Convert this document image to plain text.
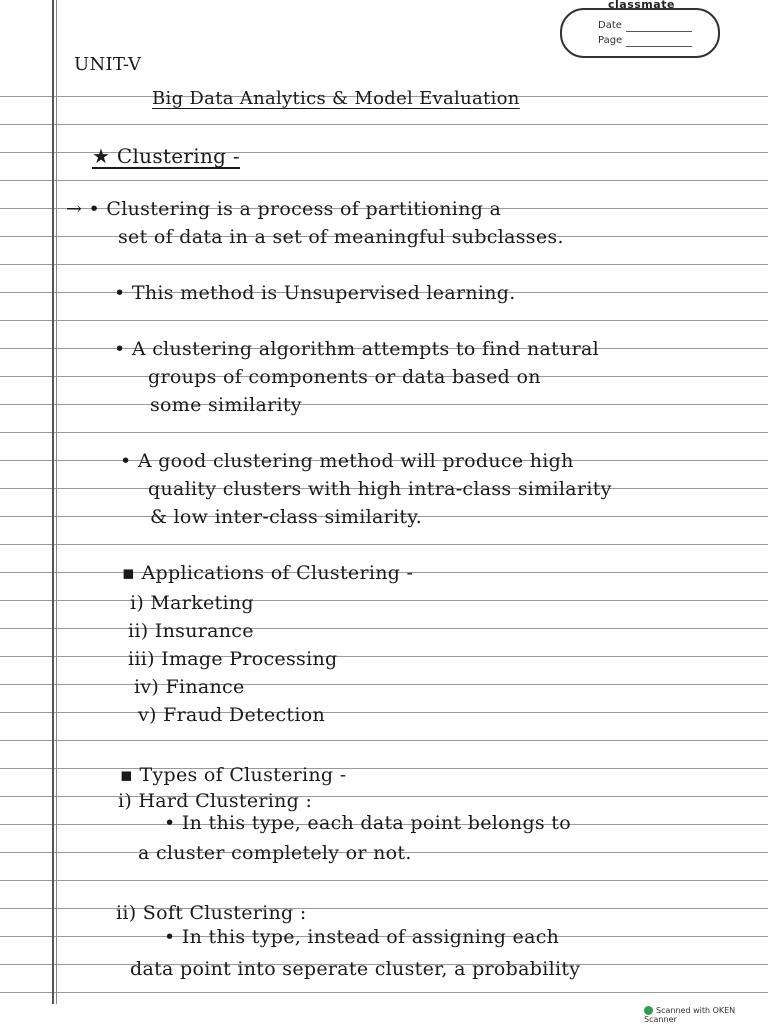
classmate
Date
Page
UNIT-V
Big Data Analytics & Model Evaluation
★ Clustering -
→ • Clustering is a process of partitioning a
set of data in a set of meaningful subclasses.
• This method is Unsupervised learning.
• A clustering algorithm attempts to find natural
groups of components or data based on
some similarity
• A good clustering method will produce high
quality clusters with high intra-class similarity
& low inter-class similarity.
▪ Applications of Clustering -
i) Marketing
ii) Insurance
iii) Image Processing
iv) Finance
v) Fraud Detection
▪ Types of Clustering -
i) Hard Clustering :
• In this type, each data point belongs to
a cluster completely or not.
ii) Soft Clustering :
• In this type, instead of assigning each
data point into seperate cluster, a probability
Scanned with OKEN Scanner
